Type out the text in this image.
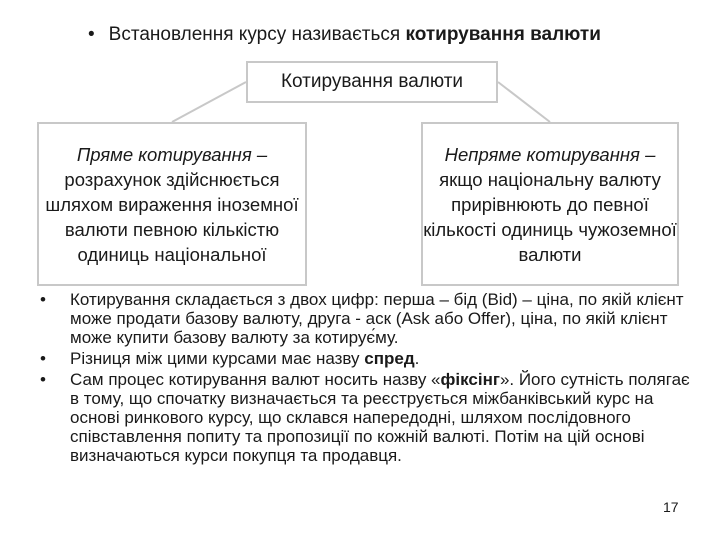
• Встановлення курсу називається котирування валюти
Котирування валюти
Пряме котирування –
розрахунок здійснюється шляхом вираження іноземної валюти певною кількістю одиниць національної
Непряме котирування –
якщо національну валюту прирівнюють до певної кількості одиниць чужоземної валюти
• Котирування складається з двох цифр: перша – бід (Bid) – ціна, по якій клієнт може продати базову валюту, друга - аск (Ask або Offer), ціна, по якій клієнт може купити базову валюту за котирує́му.
• Різниця між цими курсами має назву спред.
• Сам процес котирування валют носить назву «фіксінг». Його сутність полягає в тому, що спочатку визначається та реєструється міжбанківський курс на основі ринкового курсу, що склався напередодні, шляхом послідовного співставлення попиту та пропозиції по кожній валюті. Потім на цій основі визначаються курси покупця та продавця.
17
